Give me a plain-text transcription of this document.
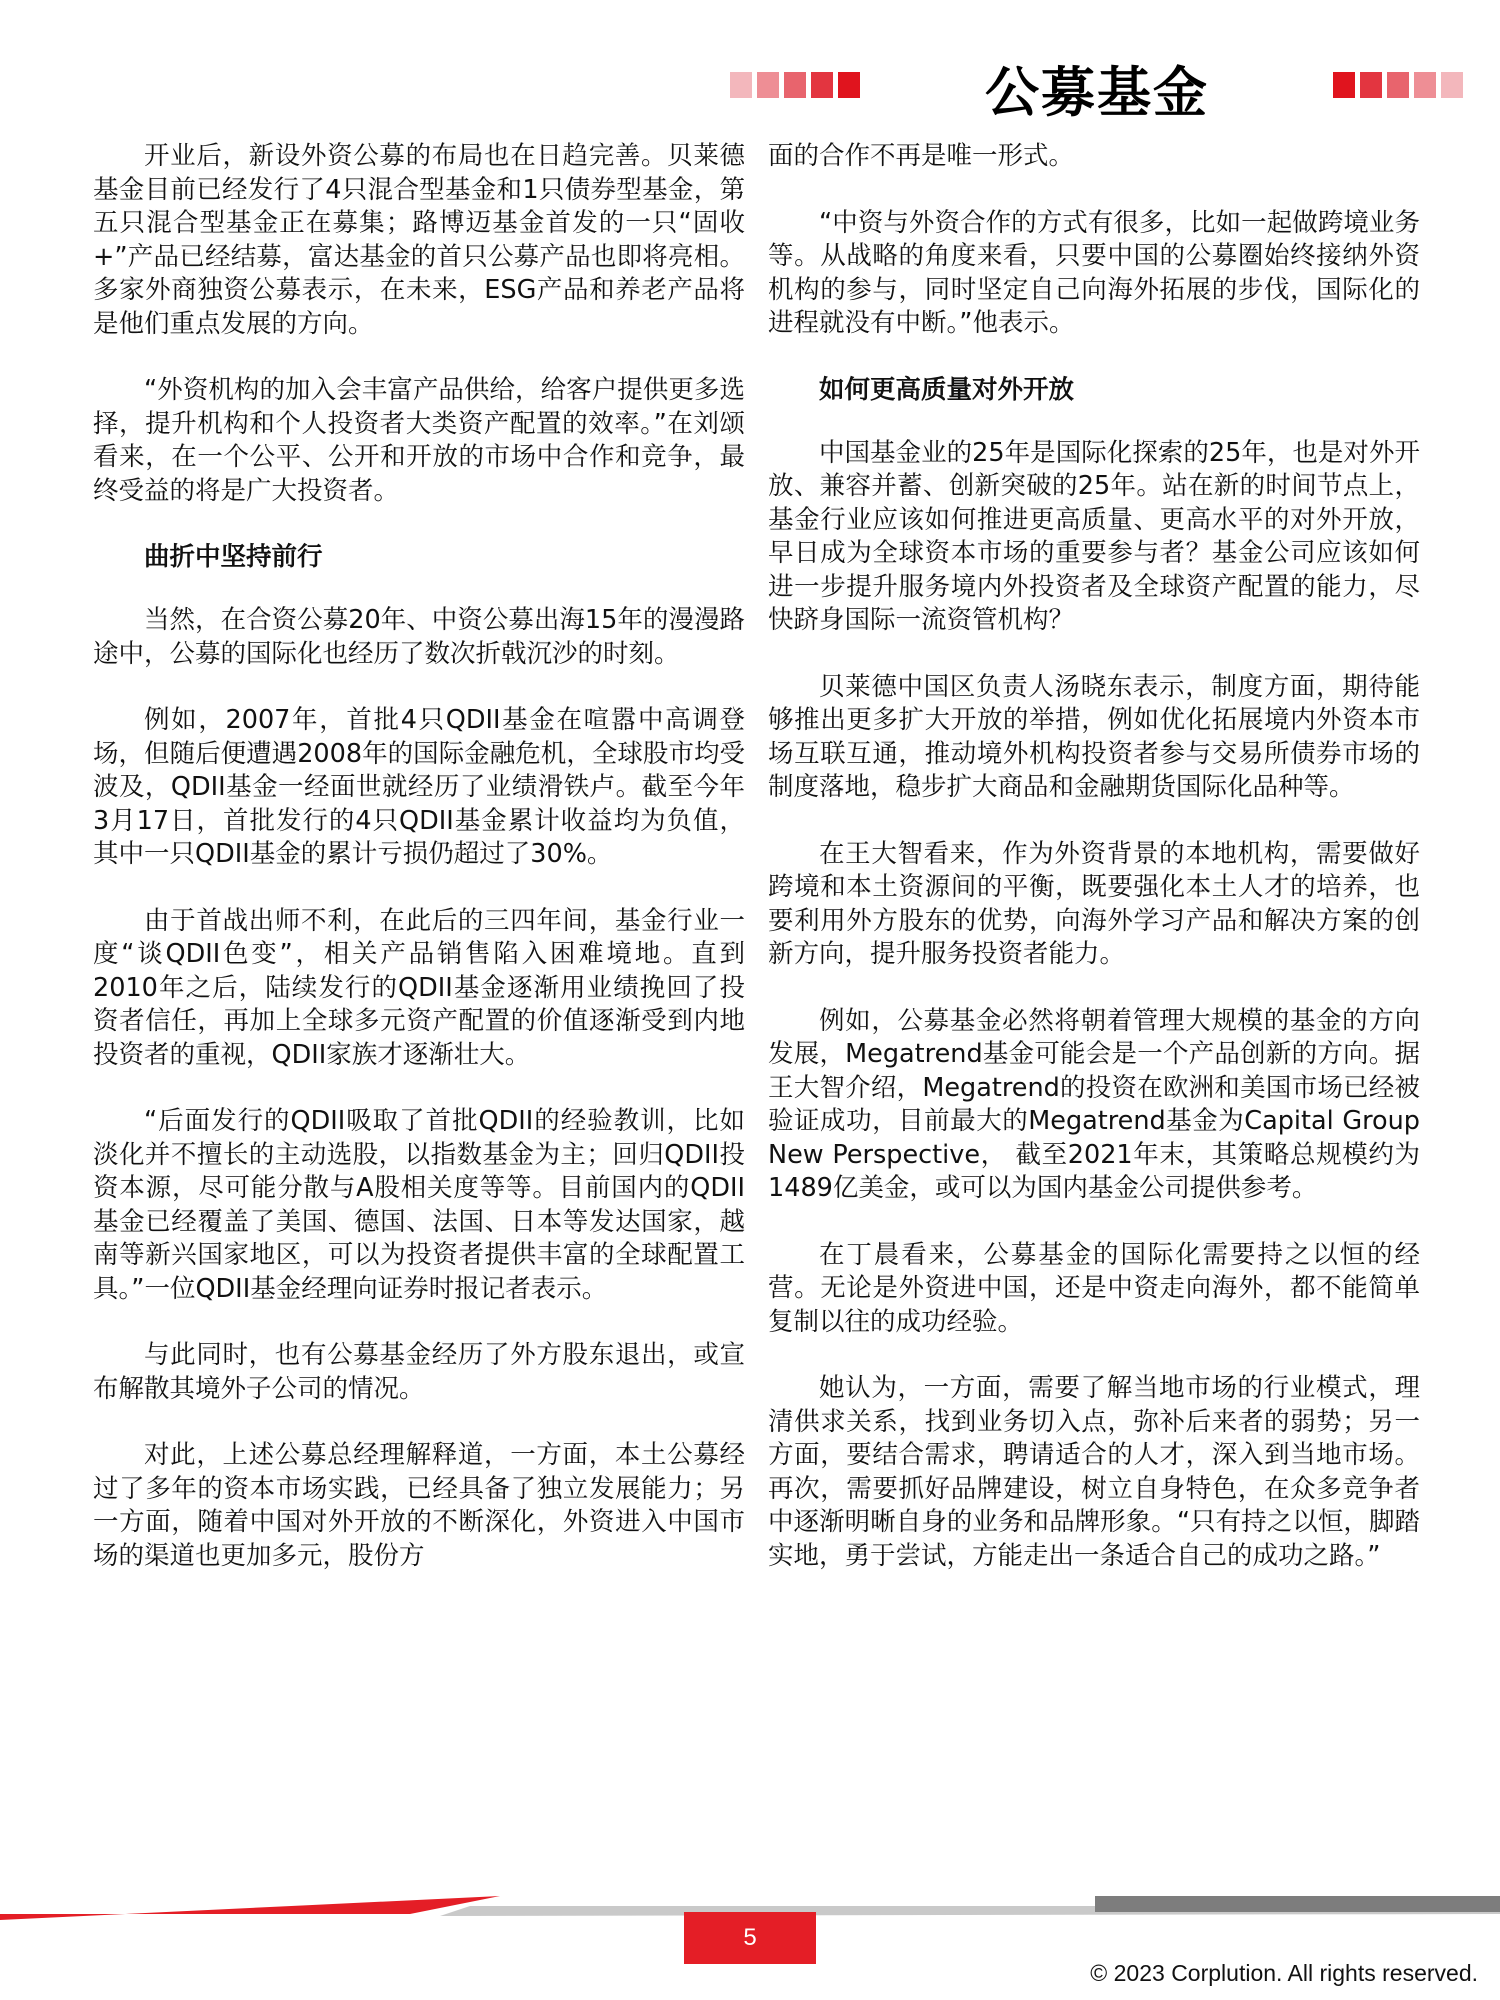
公募基金

开业后，新设外资公募的布局也在日趋完善。贝莱德基金目前已经发行了4只混合型基金和1只债券型基金，第五只混合型基金正在募集；路博迈基金首发的一只“固收+”产品已经结募，富达基金的首只公募产品也即将亮相。多家外商独资公募表示，在未来，ESG产品和养老产品将是他们重点发展的方向。

“外资机构的加入会丰富产品供给，给客户提供更多选择，提升机构和个人投资者大类资产配置的效率。”在刘颂看来，在一个公平、公开和开放的市场中合作和竞争，最终受益的将是广大投资者。

曲折中坚持前行

当然，在合资公募20年、中资公募出海15年的漫漫路途中，公募的国际化也经历了数次折戟沉沙的时刻。

例如，2007年，首批4只QDII基金在喧嚣中高调登场，但随后便遭遇2008年的国际金融危机，全球股市均受波及，QDII基金一经面世就经历了业绩滑铁卢。截至今年3月17日，首批发行的4只QDII基金累计收益均为负值，其中一只QDII基金的累计亏损仍超过了30%。

由于首战出师不利，在此后的三四年间，基金行业一度“谈QDII色变”，相关产品销售陷入困难境地。直到2010年之后，陆续发行的QDII基金逐渐用业绩挽回了投资者信任，再加上全球多元资产配置的价值逐渐受到内地投资者的重视，QDII家族才逐渐壮大。

“后面发行的QDII吸取了首批QDII的经验教训，比如淡化并不擅长的主动选股，以指数基金为主；回归QDII投资本源，尽可能分散与A股相关度等等。目前国内的QDII基金已经覆盖了美国、德国、法国、日本等发达国家，越南等新兴国家地区，可以为投资者提供丰富的全球配置工具。”一位QDII基金经理向证券时报记者表示。

与此同时，也有公募基金经历了外方股东退出，或宣布解散其境外子公司的情况。

对此，上述公募总经理解释道，一方面，本土公募经过了多年的资本市场实践，已经具备了独立发展能力；另一方面，随着中国对外开放的不断深化，外资进入中国市场的渠道也更加多元，股份方

面的合作不再是唯一形式。

“中资与外资合作的方式有很多，比如一起做跨境业务等。从战略的角度来看，只要中国的公募圈始终接纳外资机构的参与，同时坚定自己向海外拓展的步伐，国际化的进程就没有中断。”他表示。

如何更高质量对外开放

中国基金业的25年是国际化探索的25年，也是对外开放、兼容并蓄、创新突破的25年。站在新的时间节点上，基金行业应该如何推进更高质量、更高水平的对外开放，早日成为全球资本市场的重要参与者？基金公司应该如何进一步提升服务境内外投资者及全球资产配置的能力，尽快跻身国际一流资管机构？

贝莱德中国区负责人汤晓东表示，制度方面，期待能够推出更多扩大开放的举措，例如优化拓展境内外资本市场互联互通，推动境外机构投资者参与交易所债券市场的制度落地，稳步扩大商品和金融期货国际化品种等。

在王大智看来，作为外资背景的本地机构，需要做好跨境和本土资源间的平衡，既要强化本土人才的培养，也要利用外方股东的优势，向海外学习产品和解决方案的创新方向，提升服务投资者能力。

例如，公募基金必然将朝着管理大规模的基金的方向发展，Megatrend基金可能会是一个产品创新的方向。据王大智介绍，Megatrend的投资在欧洲和美国市场已经被验证成功，目前最大的Megatrend基金为Capital Group New Perspective， 截至2021年末，其策略总规模约为1489亿美金，或可以为国内基金公司提供参考。

在丁晨看来，公募基金的国际化需要持之以恒的经营。无论是外资进中国，还是中资走向海外，都不能简单复制以往的成功经验。

她认为，一方面，需要了解当地市场的行业模式，理清供求关系，找到业务切入点，弥补后来者的弱势；另一方面，要结合需求，聘请适合的人才，深入到当地市场。再次，需要抓好品牌建设，树立自身特色，在众多竞争者中逐渐明晰自身的业务和品牌形象。“只有持之以恒，脚踏实地，勇于尝试，方能走出一条适合自己的成功之路。”

5
© 2023 Corplution. All rights reserved.
